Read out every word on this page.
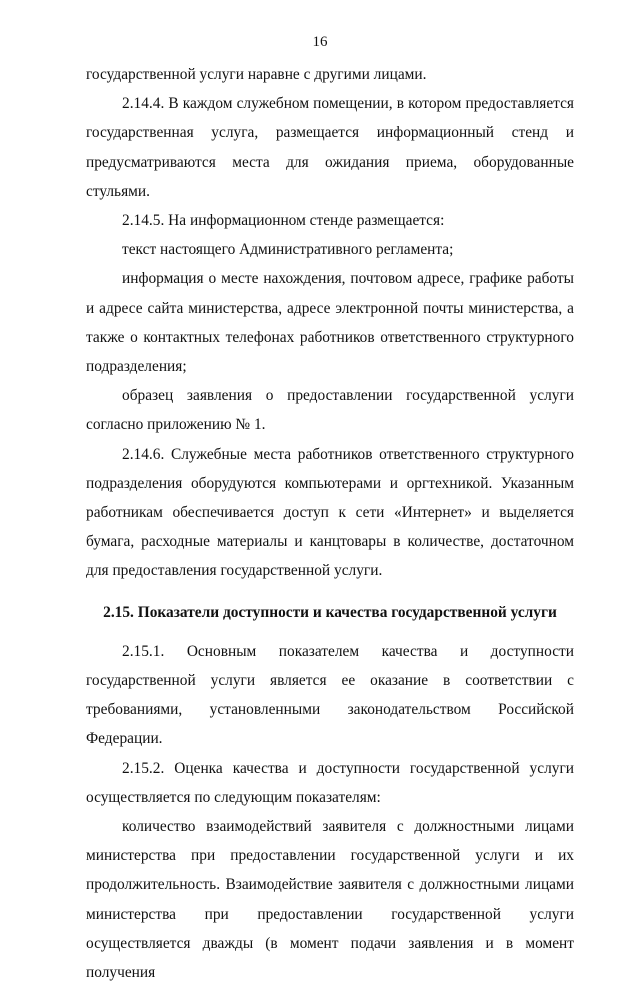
16

государственной услуги наравне с другими лицами.

2.14.4. В каждом служебном помещении, в котором предоставляется государственная услуга, размещается информационный стенд и предусматриваются места для ожидания приема, оборудованные стульями.

2.14.5. На информационном стенде размещается:

текст настоящего Административного регламента;

информация о месте нахождения, почтовом адресе, графике работы и адресе сайта министерства, адресе электронной почты министерства, а также о контактных телефонах работников ответственного структурного подразделения;

образец заявления о предоставлении государственной услуги согласно приложению № 1.

2.14.6. Служебные места работников ответственного структурного подразделения оборудуются компьютерами и оргтехникой. Указанным работникам обеспечивается доступ к сети «Интернет» и выделяется бумага, расходные материалы и канцтовары в количестве, достаточном для предоставления государственной услуги.

2.15. Показатели доступности и качества государственной услуги

2.15.1. Основным показателем качества и доступности государственной услуги является ее оказание в соответствии с требованиями, установленными законодательством Российской Федерации.

2.15.2. Оценка качества и доступности государственной услуги осуществляется по следующим показателям:

количество взаимодействий заявителя с должностными лицами министерства при предоставлении государственной услуги и их продолжительность. Взаимодействие заявителя с должностными лицами министерства при предоставлении государственной услуги осуществляется дважды (в момент подачи заявления и в момент получения
